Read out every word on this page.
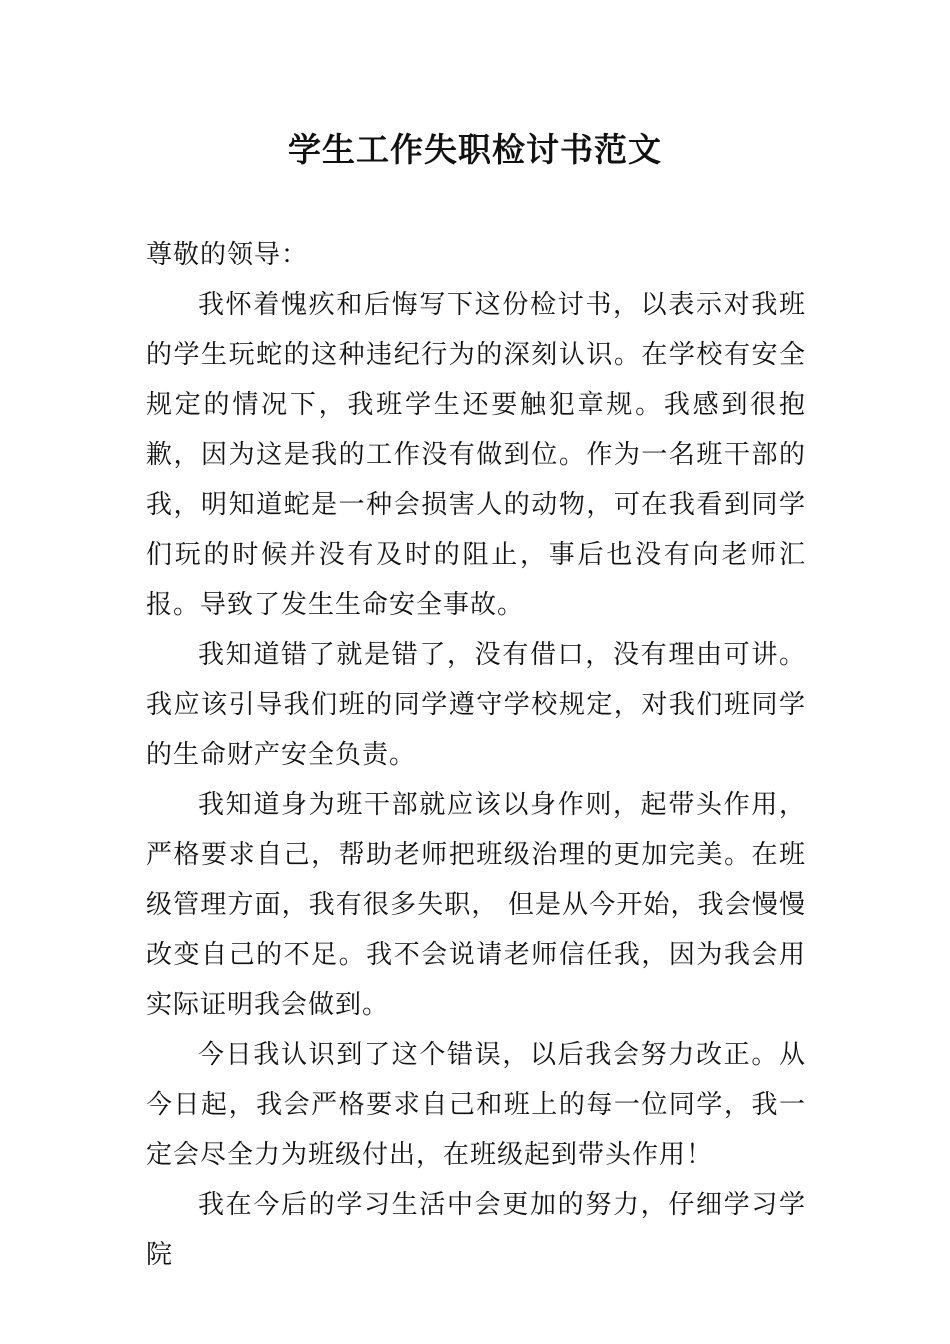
学生工作失职检讨书范文

尊敬的领导：

我怀着愧疚和后悔写下这份检讨书，以表示对我班的学生玩蛇的这种违纪行为的深刻认识。在学校有安全规定的情况下，我班学生还要触犯章规。我感到很抱歉，因为这是我的工作没有做到位。作为一名班干部的我，明知道蛇是一种会损害人的动物，可在我看到同学们玩的时候并没有及时的阻止，事后也没有向老师汇报。导致了发生生命安全事故。

我知道错了就是错了，没有借口，没有理由可讲。我应该引导我们班的同学遵守学校规定，对我们班同学的生命财产安全负责。

我知道身为班干部就应该以身作则，起带头作用，严格要求自己，帮助老师把班级治理的更加完美。在班级管理方面，我有很多失职， 但是从今开始，我会慢慢改变自己的不足。我不会说请老师信任我，因为我会用实际证明我会做到。

今日我认识到了这个错误，以后我会努力改正。从今日起，我会严格要求自己和班上的每一位同学，我一定会尽全力为班级付出，在班级起到带头作用！

我在今后的学习生活中会更加的努力，仔细学习学院
